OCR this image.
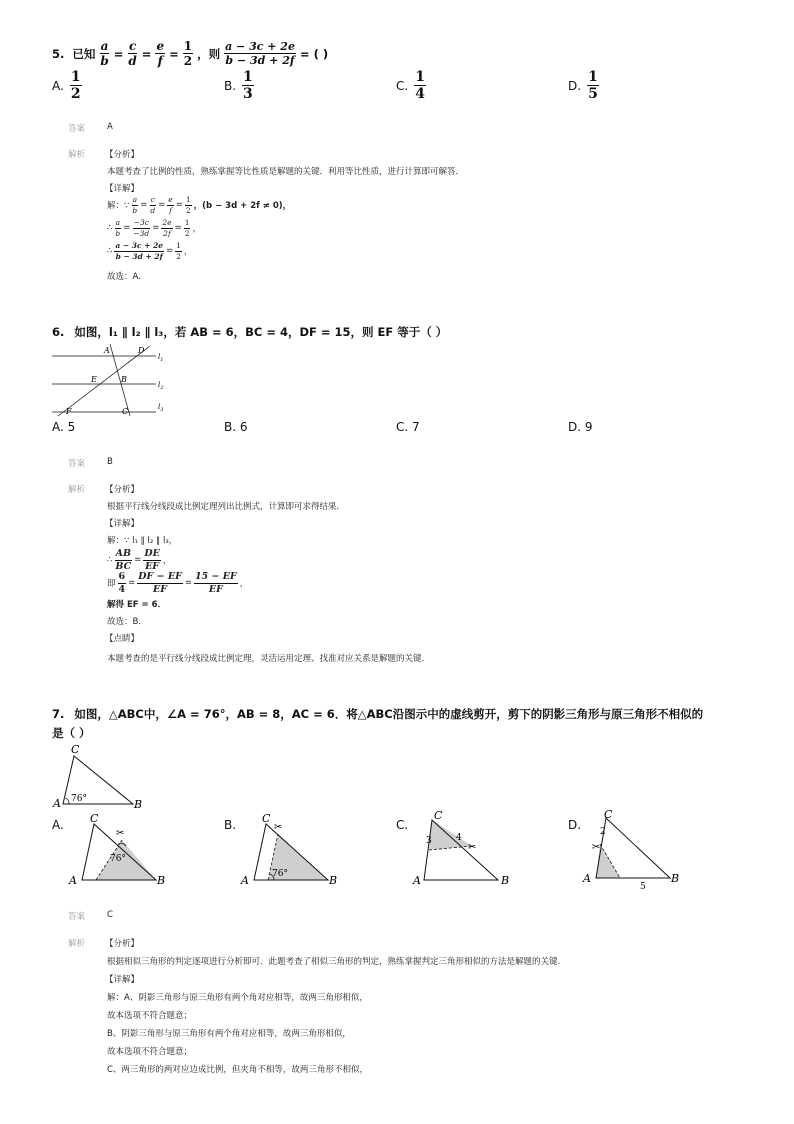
5. 已知 $\frac{a}{b} = \frac{c}{d} = \frac{e}{f} = \frac{1}{2}$ ，则 $\frac{a - 3c + 2e}{b - 3d + 2f}$ = ( )
A. $\frac{1}{2}$	B. $\frac{1}{3}$	C. $\frac{1}{4}$	D. $\frac{1}{5}$
答案	A
解析 【分析】
本题考查了比例的性质，熟练掌握等比性质是解题的关键．利用等比性质，进行计算即可解答．
【详解】
解：∵ $\frac{a}{b} = \frac{c}{d} = \frac{e}{f} = \frac{1}{2}$ ，(b − 3d + 2f ≠ 0)，
∴ $\frac{a}{b} = \frac{-3c}{-3d} = \frac{2e}{2f} = \frac{1}{2}$ ，
∴ $\frac{a - 3c + 2e}{b - 3d + 2f} = \frac{1}{2}$ ，
故选：A．
6. 如图，l₁ ∥ l₂ ∥ l₃，若 AB = 6，BC = 4，DF = 15，则 EF 等于（ ）
A	D
E	B
F	C
$l_1$
$l_2$
$l_3$
A. 5	B. 6	C. 7	D. 9
答案	B
解析 【分析】
根据平行线分线段成比例定理列出比例式，计算即可求得结果．
【详解】
解：∵ l₁ ∥ l₂ ∥ l₃，
∴ $\frac{AB}{BC} = \frac{DE}{EF}$ ，
即 $\frac{6}{4} = \frac{DF - EF}{EF} = \frac{15 - EF}{EF}$ ，
解得 EF = 6．
故选：B．
【点睛】
本题考查的是平行线分线段成比例定理，灵活运用定理、找准对应关系是解题的关键．
7. 如图，△ABC中，∠A = 76°，AB = 8，AC = 6．将△ABC沿图示中的虚线剪开，剪下的阴影三角形与原三角形不相似的
是（ ）
C
A	B
76°
A.
✂
C
A	B
76°
B.	✂
C
A	B
76°
C.
✂
C
A	B
3	4
D.
✂
C
A	B
2
5
答案	C
解析 【分析】
根据相似三角形的判定逐项进行分析即可．此题考查了相似三角形的判定，熟练掌握判定三角形相似的方法是解题的关键．
【详解】
解：A、阴影三角形与原三角形有两个角对应相等，故两三角形相似，
故本选项不符合题意；
B、阴影三角形与原三角形有两个角对应相等，故两三角形相似，
故本选项不符合题意；
C、两三角形的两对应边成比例，但夹角不相等，故两三角形不相似，
